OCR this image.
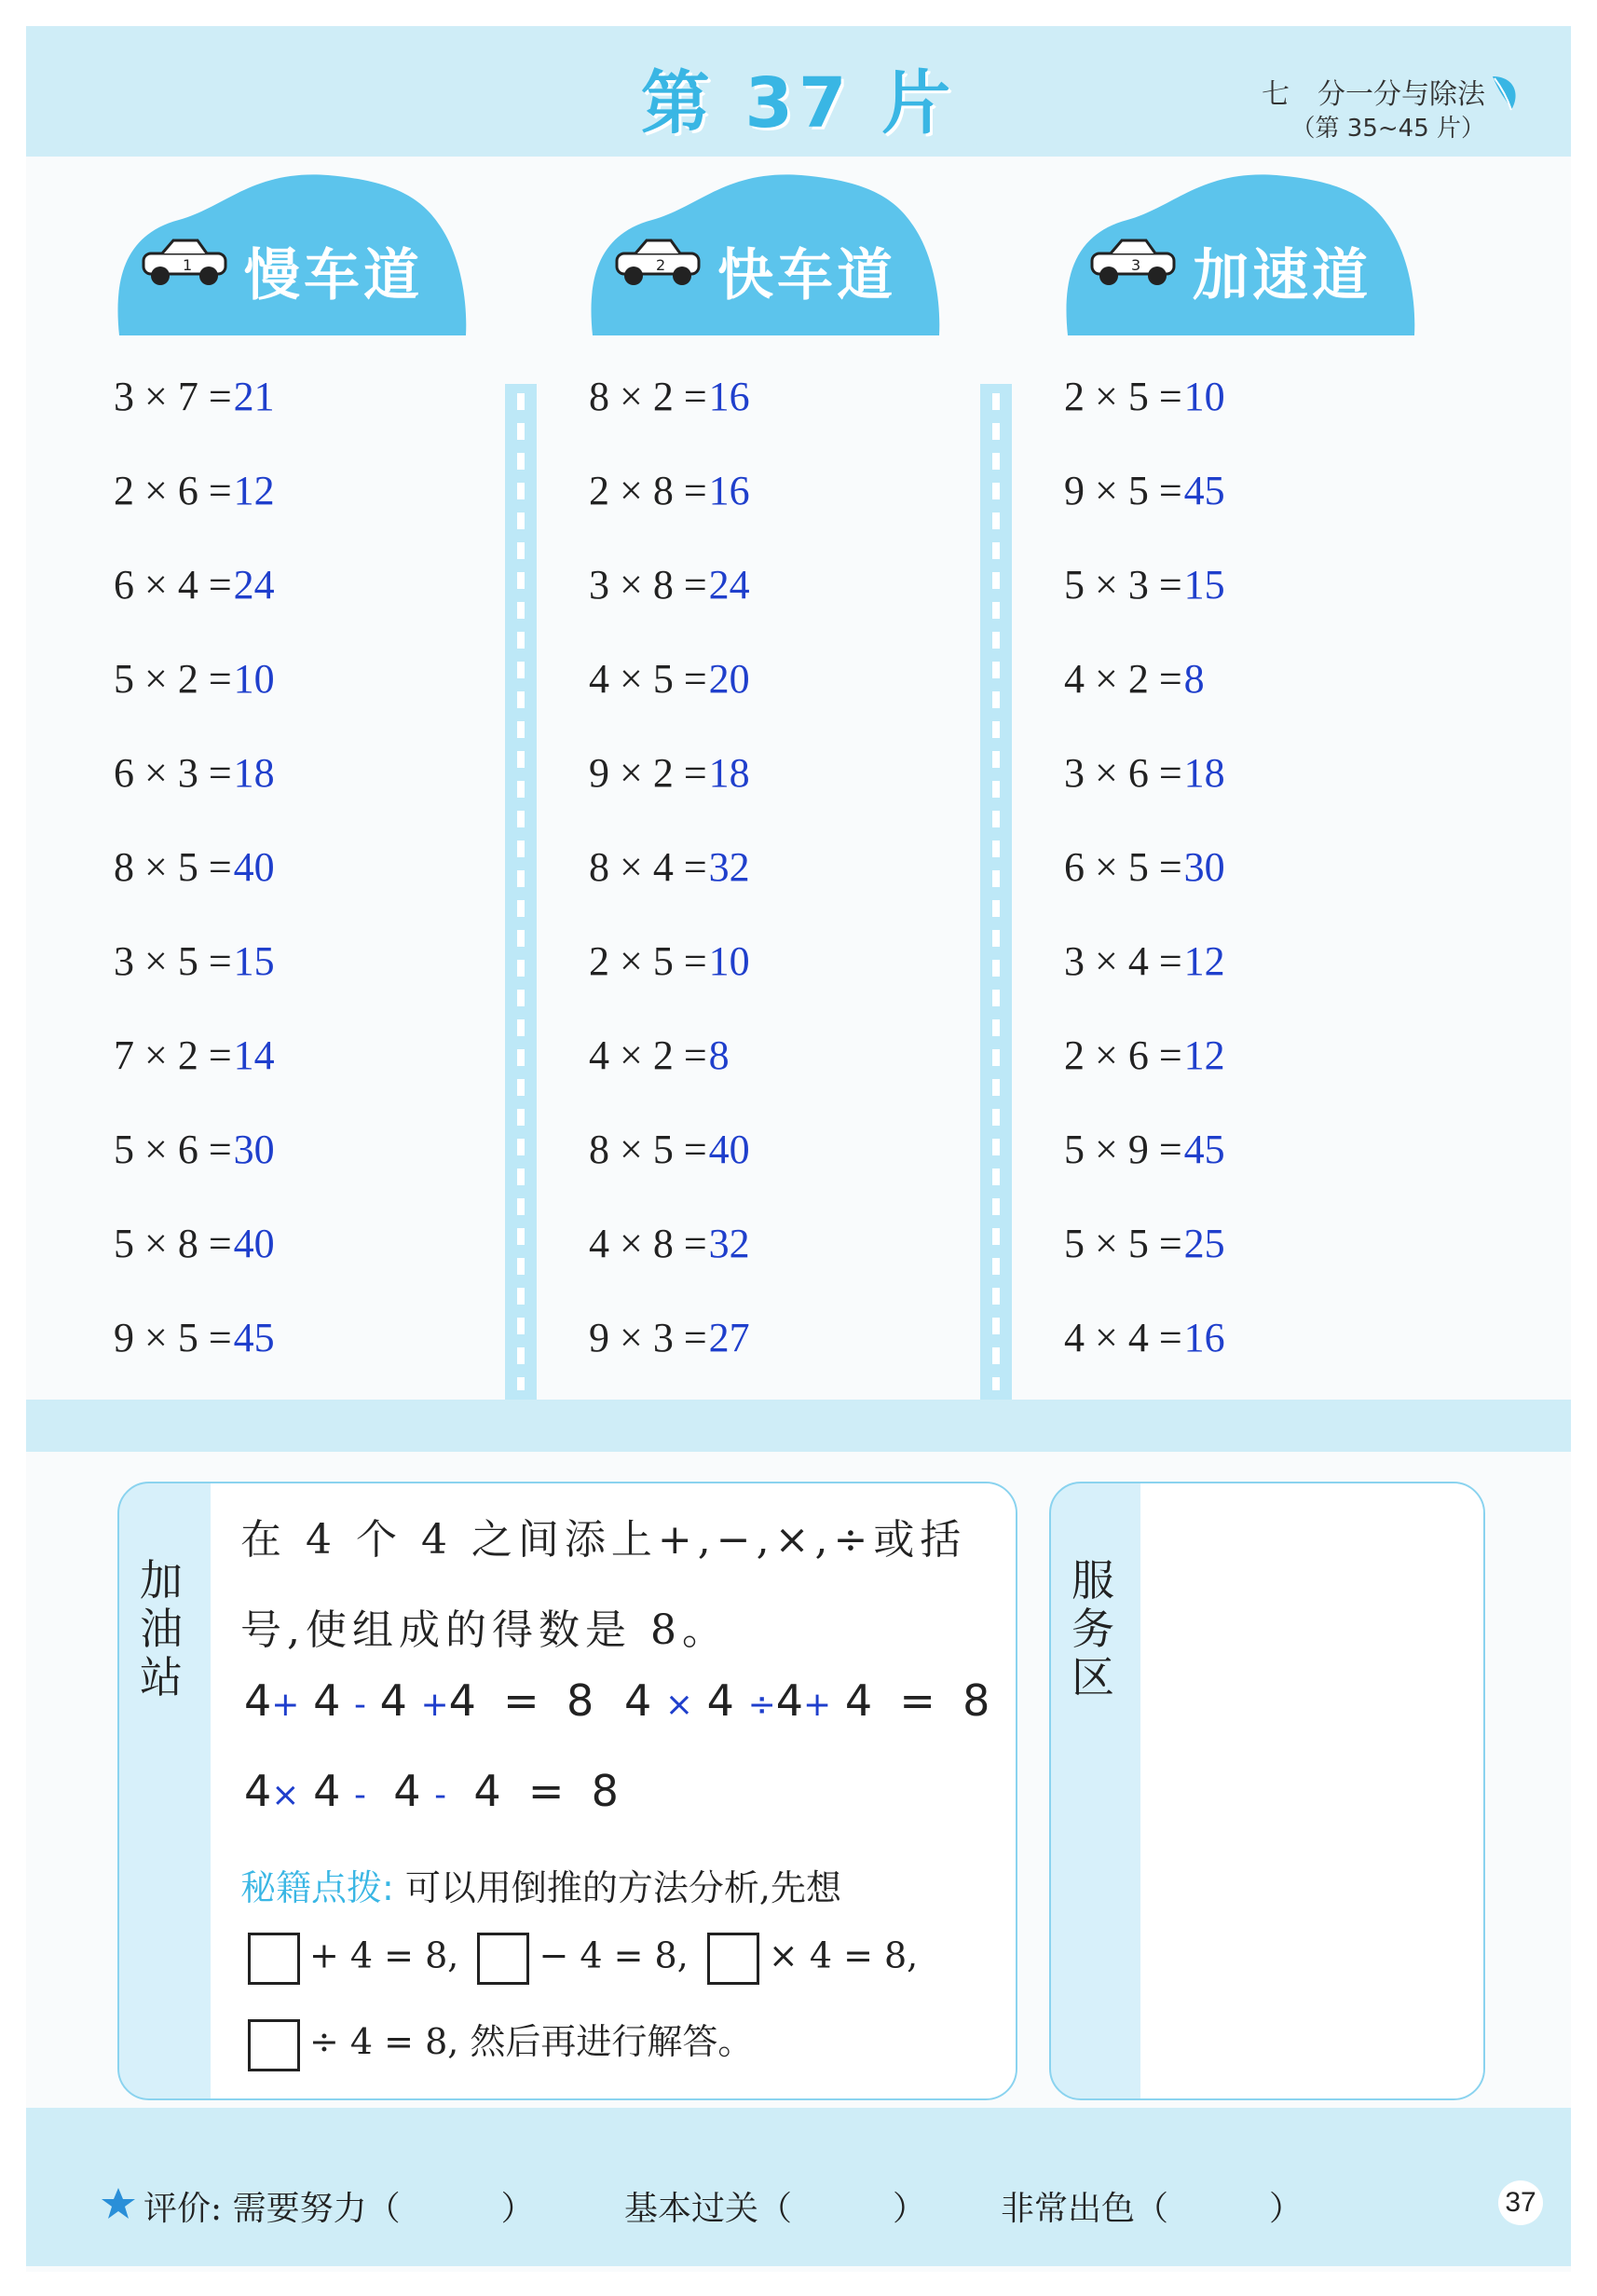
第 37 片	七　分一分与除法
（第 35~45 片）
1 慢车道	2 快车道	3 加速道
3 × 7 =21
2 × 6 =12
6 × 4 =24
5 × 2 =10
6 × 3 =18
8 × 5 =40
3 × 5 =15
7 × 2 =14
5 × 6 =30
5 × 8 =40
9 × 5 =45
8 × 2 =16
2 × 8 =16
3 × 8 =24
4 × 5 =20
9 × 2 =18
8 × 4 =32
2 × 5 =10
4 × 2 =8
8 × 5 =40
4 × 8 =32
9 × 3 =27
2 × 5 =10
9 × 5 =45
5 × 3 =15
4 × 2 =8
3 × 6 =18
6 × 5 =30
3 × 4 =12
2 × 6 =12
5 × 9 =45
5 × 5 =25
4 × 4 =16
加油站
在 4 个 4 之间添上+,−,×,÷或括
号,使组成的得数是 8。
4+ 4 - 4 +4  =  8 4 × 4 ÷4+ 4  =  8
4× 4 -  4 -  4  =  8
秘籍点拨: 可以用倒推的方法分析,先想
+ 4 = 8, − 4 = 8, × 4 = 8,
÷ 4 = 8, 然后再进行解答。
服务区
评价: 需要努力（　　　）	基本过关（　　　） 非常出色（　　　）	37
